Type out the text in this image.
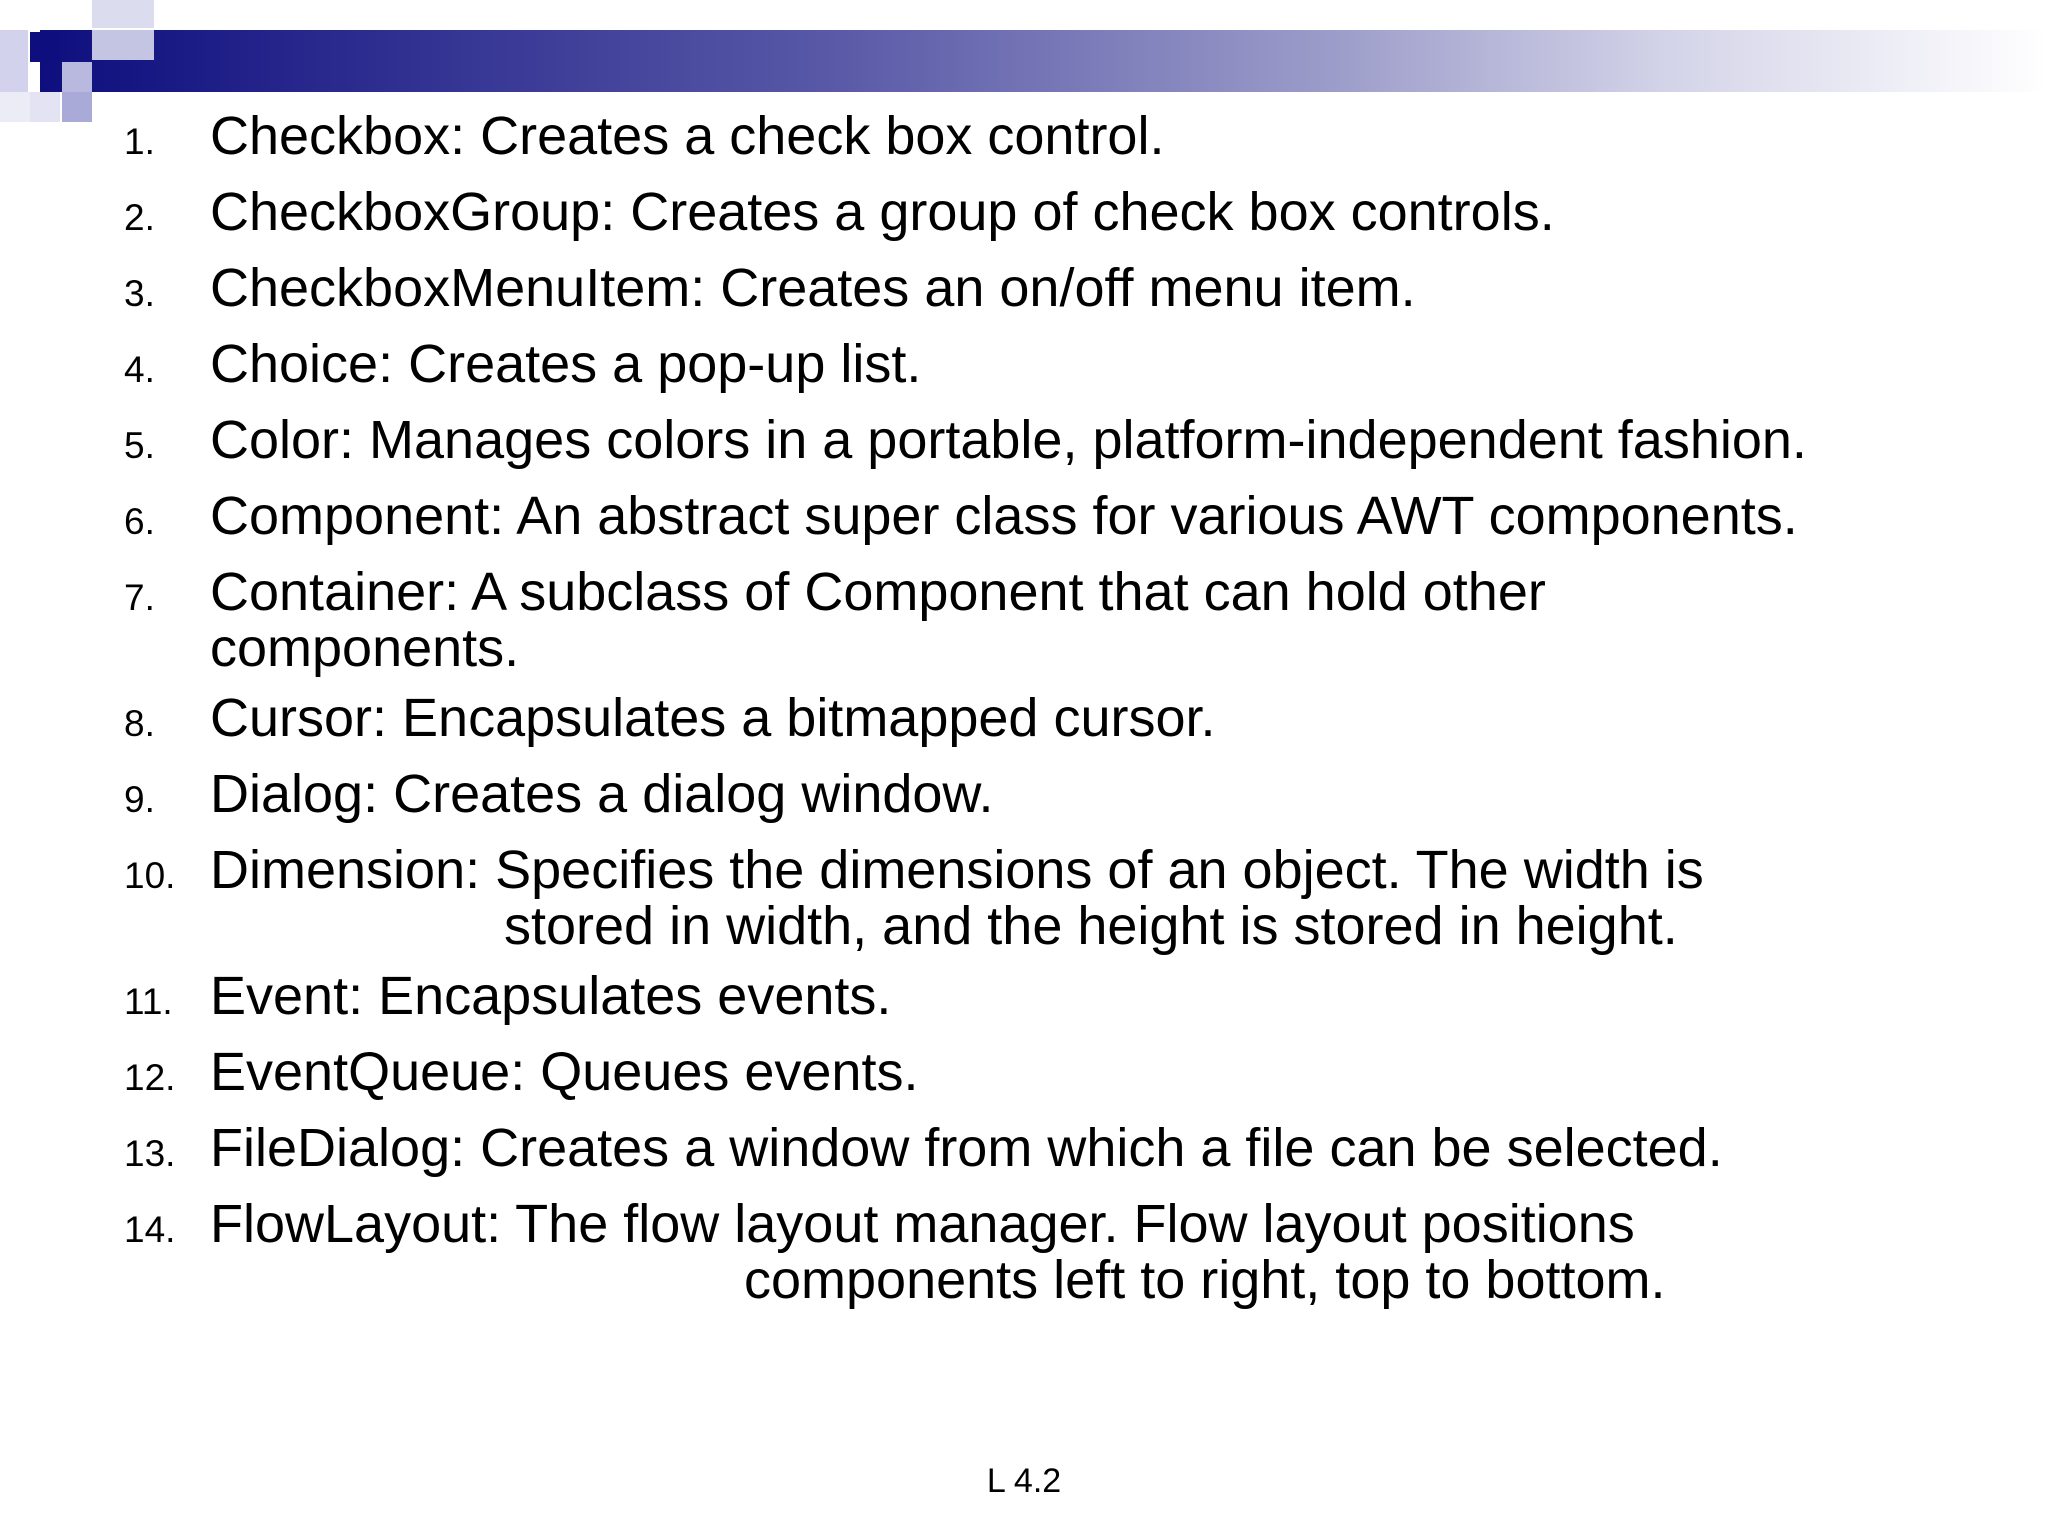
1.	Checkbox: Creates a check box control.
2.	CheckboxGroup: Creates a group of check box controls.
3.	CheckboxMenuItem: Creates an on/off menu item.
4.	Choice: Creates a pop-up list.
5.	Color: Manages colors in a portable, platform-independent fashion.
6.	Component: An abstract super class for various AWT components.
7.	Container: A subclass of Component that can hold other
components.
8.	Cursor: Encapsulates a bitmapped cursor.
9.	Dialog: Creates a dialog window.
10. Dimension: Specifies the dimensions of an object. The width is
stored in width, and the height is stored in height.
11. Event: Encapsulates events.
12. EventQueue: Queues events.
13. FileDialog: Creates a window from which a file can be selected.
14. FlowLayout: The flow layout manager. Flow layout positions
components left to right, top to bottom.
L 4.2
